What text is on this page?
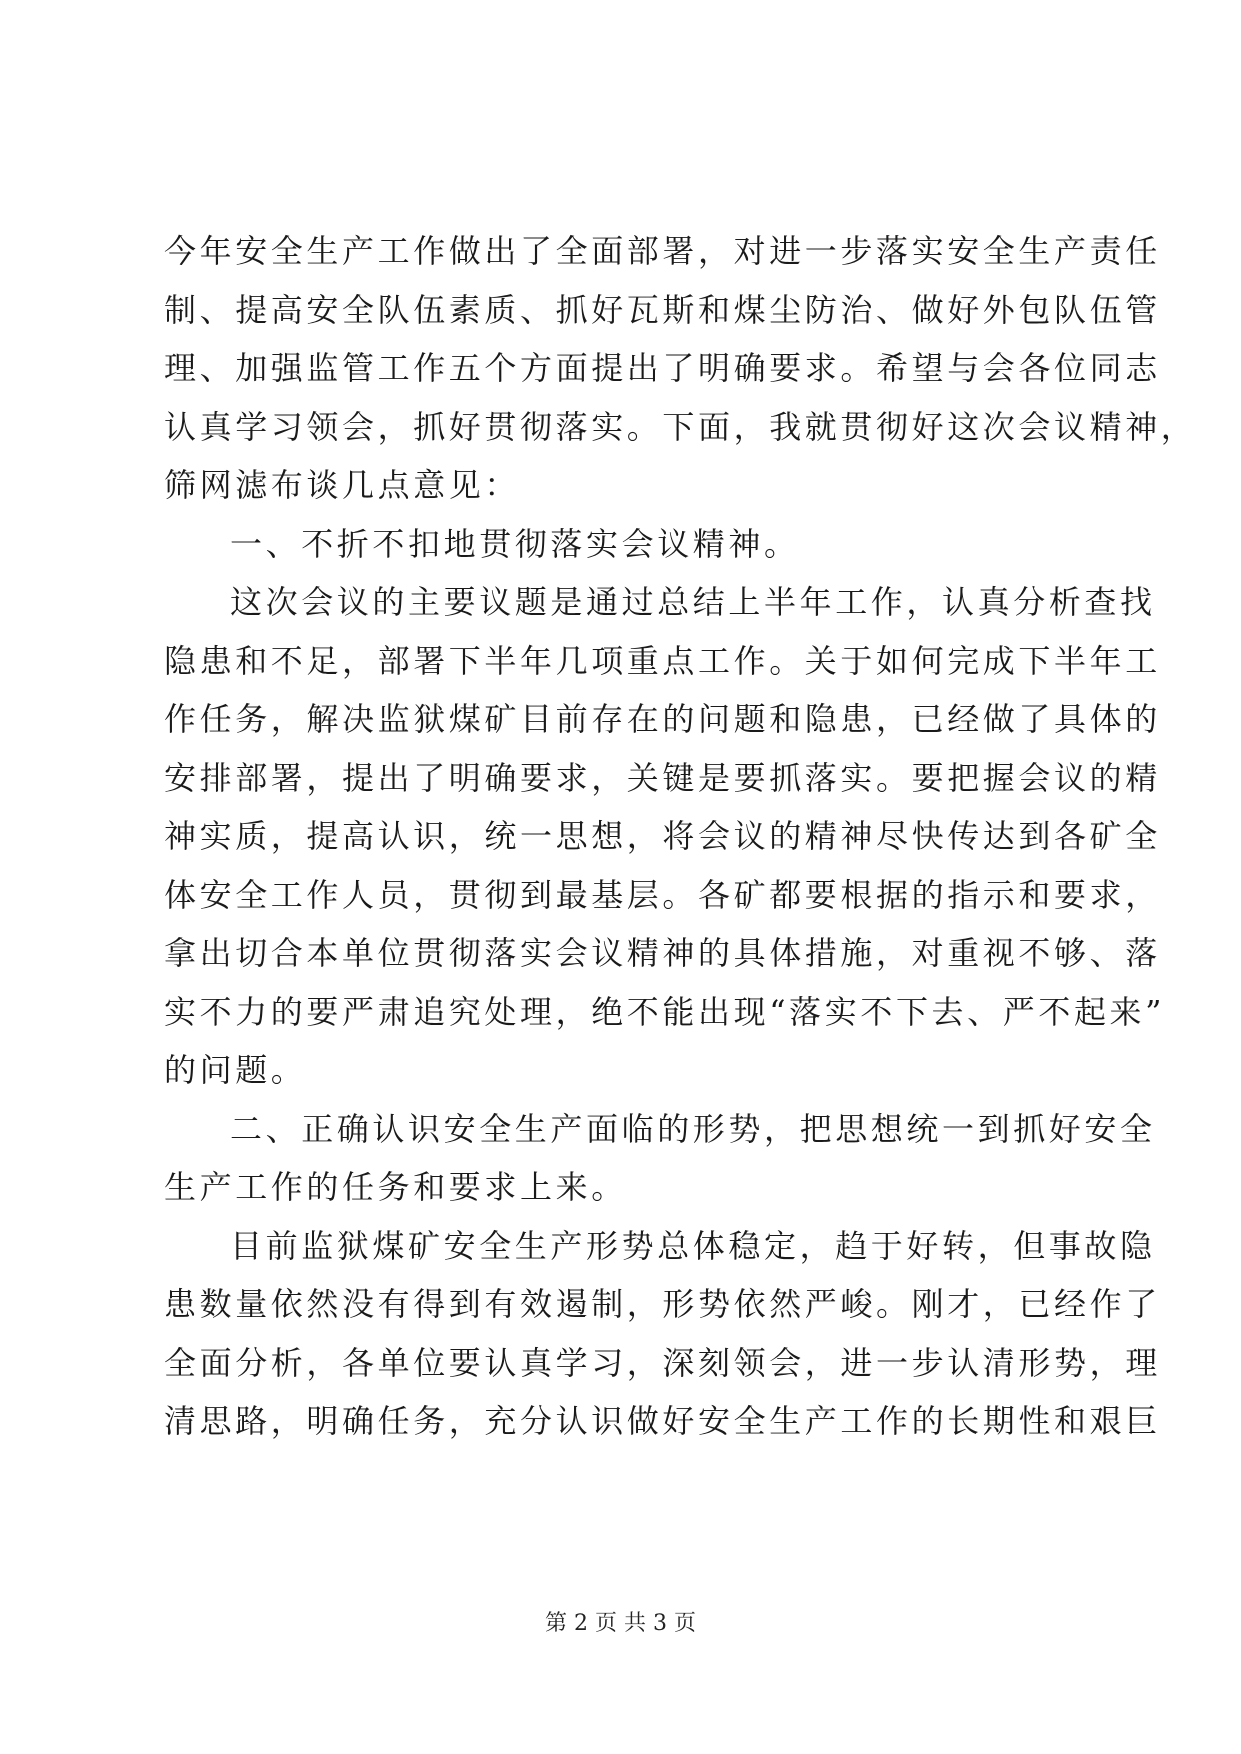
今年安全生产工作做出了全面部署，对进一步落实安全生产责任
制、提高安全队伍素质、抓好瓦斯和煤尘防治、做好外包队伍管
理、加强监管工作五个方面提出了明确要求。希望与会各位同志
认真学习领会，抓好贯彻落实。下面，我就贯彻好这次会议精神，
筛网滤布谈几点意见：
一、不折不扣地贯彻落实会议精神。
这次会议的主要议题是通过总结上半年工作，认真分析查找
隐患和不足，部署下半年几项重点工作。关于如何完成下半年工
作任务，解决监狱煤矿目前存在的问题和隐患，已经做了具体的
安排部署，提出了明确要求，关键是要抓落实。要把握会议的精
神实质，提高认识，统一思想，将会议的精神尽快传达到各矿全
体安全工作人员，贯彻到最基层。各矿都要根据的指示和要求，
拿出切合本单位贯彻落实会议精神的具体措施，对重视不够、落
实不力的要严肃追究处理，绝不能出现“落实不下去、严不起来”
的问题。
二、正确认识安全生产面临的形势，把思想统一到抓好安全
生产工作的任务和要求上来。
目前监狱煤矿安全生产形势总体稳定，趋于好转，但事故隐
患数量依然没有得到有效遏制，形势依然严峻。刚才，已经作了
全面分析，各单位要认真学习，深刻领会，进一步认清形势，理
清思路，明确任务，充分认识做好安全生产工作的长期性和艰巨
第 2 页 共 3 页
